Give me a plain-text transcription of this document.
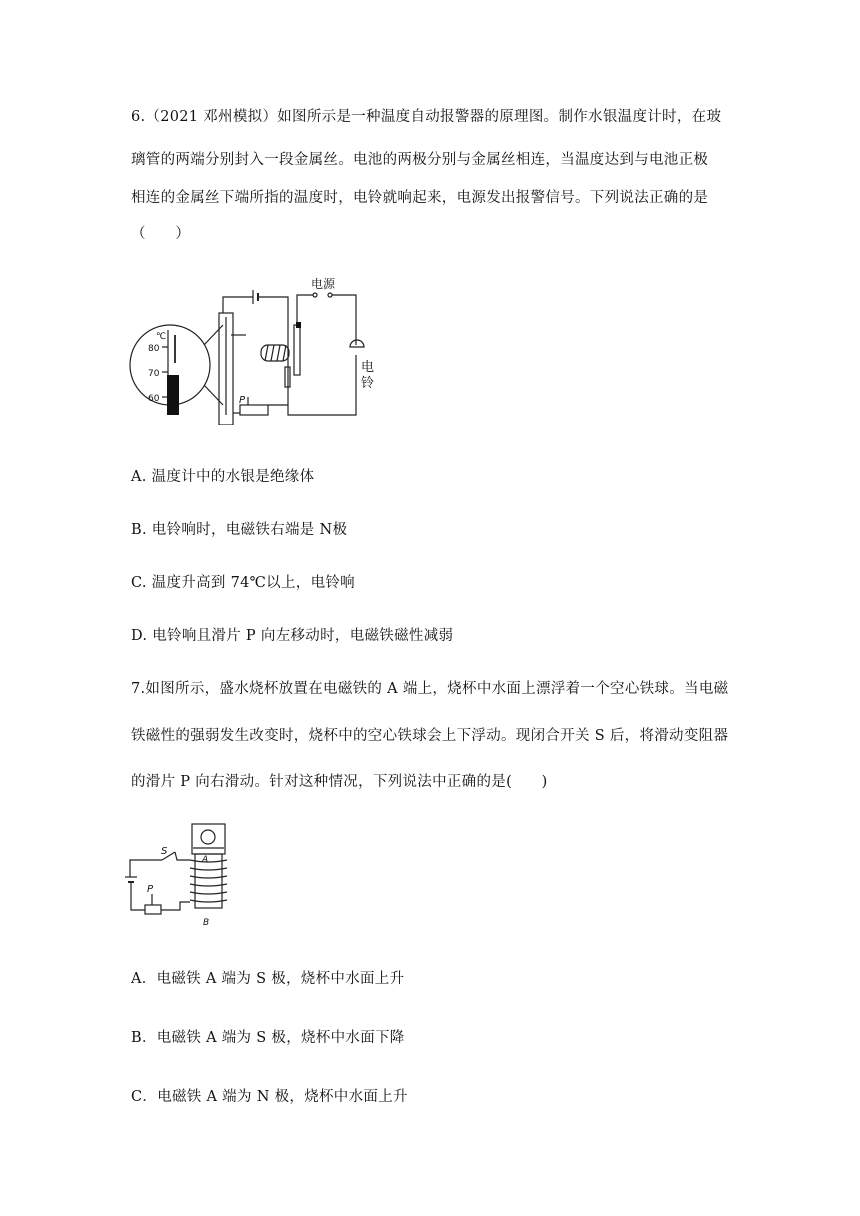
6.（2021 邓州模拟）如图所示是一种温度自动报警器的原理图。制作水银温度计时，在玻
璃管的两端分别封入一段金属丝。电池的两极分别与金属丝相连，当温度达到与电池正极
相连的金属丝下端所指的温度时，电铃就响起来，电源发出报警信号。下列说法正确的是
（　　）
℃
80
70
60	P
电源
电
铃
A. 温度计中的水银是绝缘体
B. 电铃响时，电磁铁右端是 N极
C. 温度升高到 74℃以上，电铃响
D. 电铃响且滑片 P 向左移动时，电磁铁磁性减弱
7.如图所示，盛水烧杯放置在电磁铁的 A 端上，烧杯中水面上漂浮着一个空心铁球。当电磁
铁磁性的强弱发生改变时，烧杯中的空心铁球会上下浮动。现闭合开关 S 后，将滑动变阻器
的滑片 P 向右滑动。针对这种情况，下列说法中正确的是(　　)
S
P
A
B
A．电磁铁 A 端为 S 极，烧杯中水面上升
B．电磁铁 A 端为 S 极，烧杯中水面下降
C．电磁铁 A 端为 N 极，烧杯中水面上升
